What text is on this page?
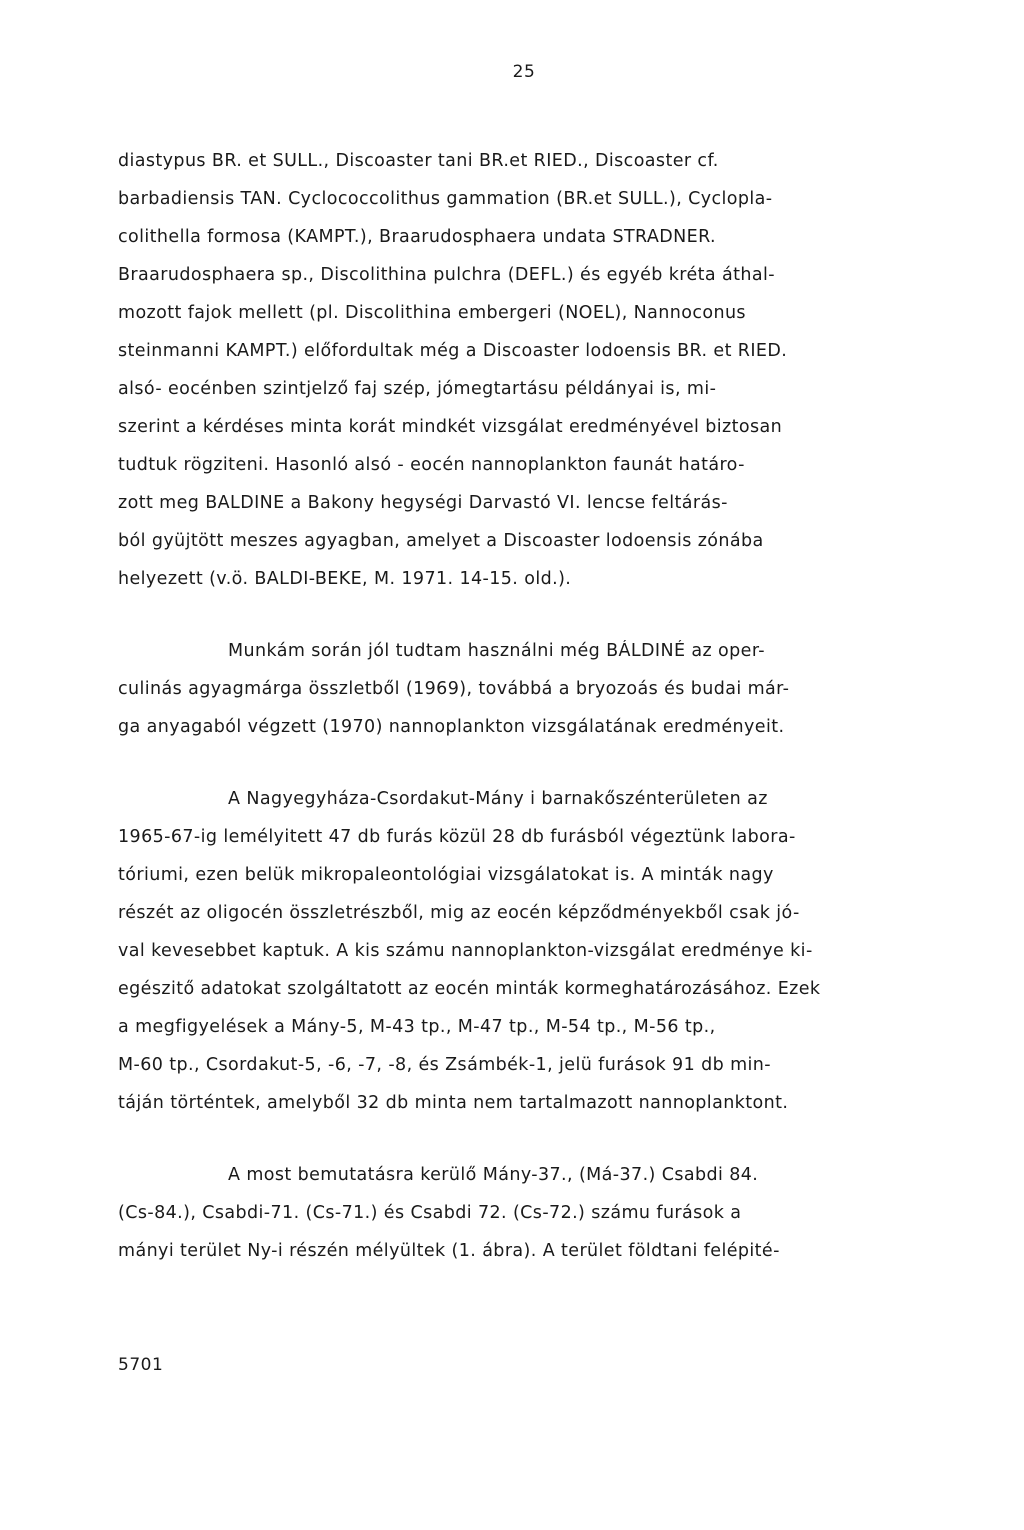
25
diastypus BR. et SULL., Discoaster tani BR.et RIED., Discoaster cf.
barbadiensis TAN. Cyclococcolithus gammation (BR.et SULL.), Cyclopla-
colithella formosa (KAMPT.), Braarudosphaera undata STRADNER.
Braarudosphaera sp., Discolithina pulchra (DEFL.) és egyéb kréta áthal-
mozott fajok mellett (pl. Discolithina embergeri (NOEL), Nannoconus
steinmanni KAMPT.) előfordultak még a Discoaster lodoensis BR. et RIED.
alsó- eocénben szintjelző faj szép, jómegtartásu példányai is, mi-
szerint a kérdéses minta korát mindkét vizsgálat eredményével biztosan
tudtuk rögziteni. Hasonló alsó - eocén nannoplankton faunát határo-
zott meg BALDINE a Bakony hegységi Darvastó VI. lencse feltárás-
ból gyüjtött meszes agyagban, amelyet a Discoaster lodoensis zónába
helyezett (v.ö. BALDI-BEKE, M. 1971. 14-15. old.).
Munkám során jól tudtam használni még BÁLDINÉ az oper-
culinás agyagmárga összletből (1969), továbbá a bryozoás és budai már-
ga anyagaból végzett (1970) nannoplankton vizsgálatának eredményeit.
A Nagyegyháza-Csordakut-Mány i barnakőszénterületen az
1965-67-ig lemélyitett 47 db furás közül 28 db furásból végeztünk labora-
tóriumi, ezen belük mikropaleontológiai vizsgálatokat is. A minták nagy
részét az oligocén összletrészből, mig az eocén képződményekből csak jó-
val kevesebbet kaptuk. A kis számu nannoplankton-vizsgálat eredménye ki-
egészitő adatokat szolgáltatott az eocén minták kormeghatározásához. Ezek
a megfigyelések a Mány-5, M-43 tp., M-47 tp., M-54 tp., M-56 tp.,
M-60 tp., Csordakut-5, -6, -7, -8, és Zsámbék-1, jelü furások 91 db min-
táján történtek, amelyből 32 db minta nem tartalmazott nannoplanktont.
A most bemutatásra kerülő Mány-37., (Má-37.) Csabdi 84.
(Cs-84.), Csabdi-71. (Cs-71.) és Csabdi 72. (Cs-72.) számu furások a
mányi terület Ny-i részén mélyültek (1. ábra). A terület földtani felépité-
5701
